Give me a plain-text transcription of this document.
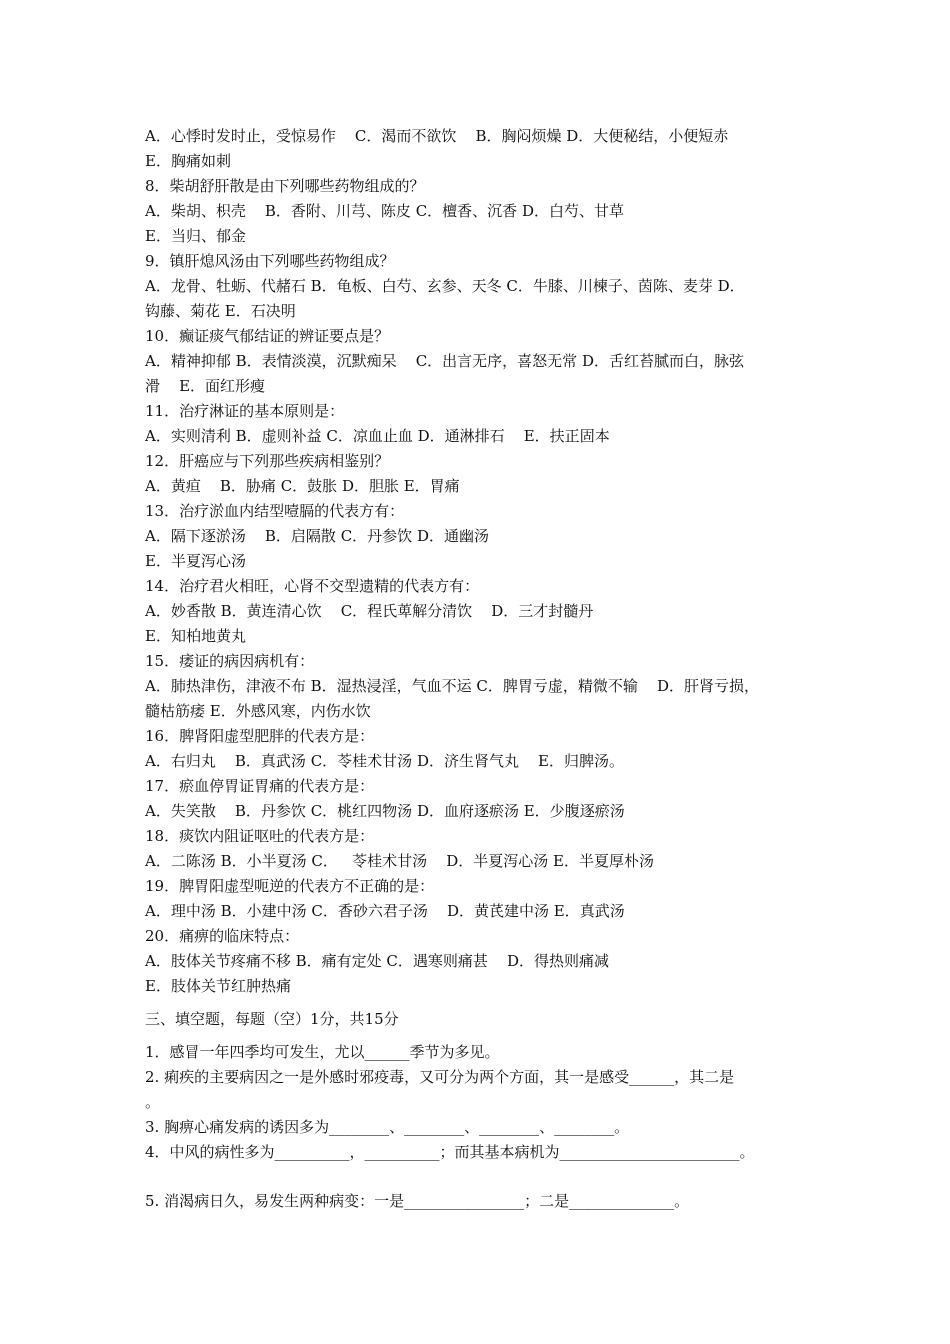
A．心悸时发时止，受惊易作    C．渴而不欲饮    B．胸闷烦燥 D．大便秘结，小便短赤
E．胸痛如刺
8．柴胡舒肝散是由下列哪些药物组成的？
A．柴胡、枳壳    B．香附、川芎、陈皮 C．檀香、沉香 D．白芍、甘草
E．当归、郁金
9．镇肝熄风汤由下列哪些药物组成？
A．龙骨、牡蛎、代赭石 B．龟板、白芍、玄参、天冬 C．牛膝、川楝子、茵陈、麦芽 D．
钩藤、菊花 E．石决明
10．癫证痰气郁结证的辨证要点是？
A．精神抑郁 B．表情淡漠，沉默痴呆    C．出言无序，喜怒无常 D．舌红苔腻而白，脉弦
滑    E．面红形瘦
11．治疗淋证的基本原则是：
A．实则清利 B．虚则补益 C．凉血止血 D．通淋排石    E．扶正固本
12．肝癌应与下列那些疾病相鉴别？
A．黄疸    B．胁痛 C．鼓胀 D．胆胀 E．胃痛
13．治疗淤血内结型噎膈的代表方有：
A．隔下逐淤汤    B．启隔散 C．丹参饮 D．通幽汤
E．半夏泻心汤
14．治疗君火相旺，心肾不交型遗精的代表方有：
A．妙香散 B．黄连清心饮    C．程氏萆解分清饮    D．三才封髓丹
E．知柏地黄丸
15．痿证的病因病机有：
A．肺热津伤，津液不布 B．湿热浸淫，气血不运 C．脾胃亏虚，精微不输    D．肝肾亏损，
髓枯筋痿 E．外感风寒，内伤水饮
16．脾肾阳虚型肥胖的代表方是：
A．右归丸    B．真武汤 C．苓桂术甘汤 D．济生肾气丸    E．归脾汤。
17．瘀血停胃证胃痛的代表方是：
A．失笑散    B．丹参饮 C．桃红四物汤 D．血府逐瘀汤 E．少腹逐瘀汤
18．痰饮内阻证呕吐的代表方是：
A．二陈汤 B．小半夏汤 C．   苓桂术甘汤    D．半夏泻心汤 E．半夏厚朴汤
19．脾胃阳虚型呃逆的代表方不正确的是：
A．理中汤 B．小建中汤 C．香砂六君子汤    D．黄芪建中汤 E．真武汤
20．痛痹的临床特点：
A．肢体关节疼痛不移 B．痛有定处 C．遇寒则痛甚    D．得热则痛减
E．肢体关节红肿热痛
三、填空题，每题（空）1分，共15分
1．感冒一年四季均可发生，尤以______季节为多见。
2. 痢疾的主要病因之一是外感时邪疫毒，又可分为两个方面，其一是感受______，其二是
。
3. 胸痹心痛发病的诱因多为________、________、________、________。
4．中风的病性多为__________，__________；而其基本病机为________________________。
5. 消渴病日久，易发生两种病变：一是________________；二是______________。
